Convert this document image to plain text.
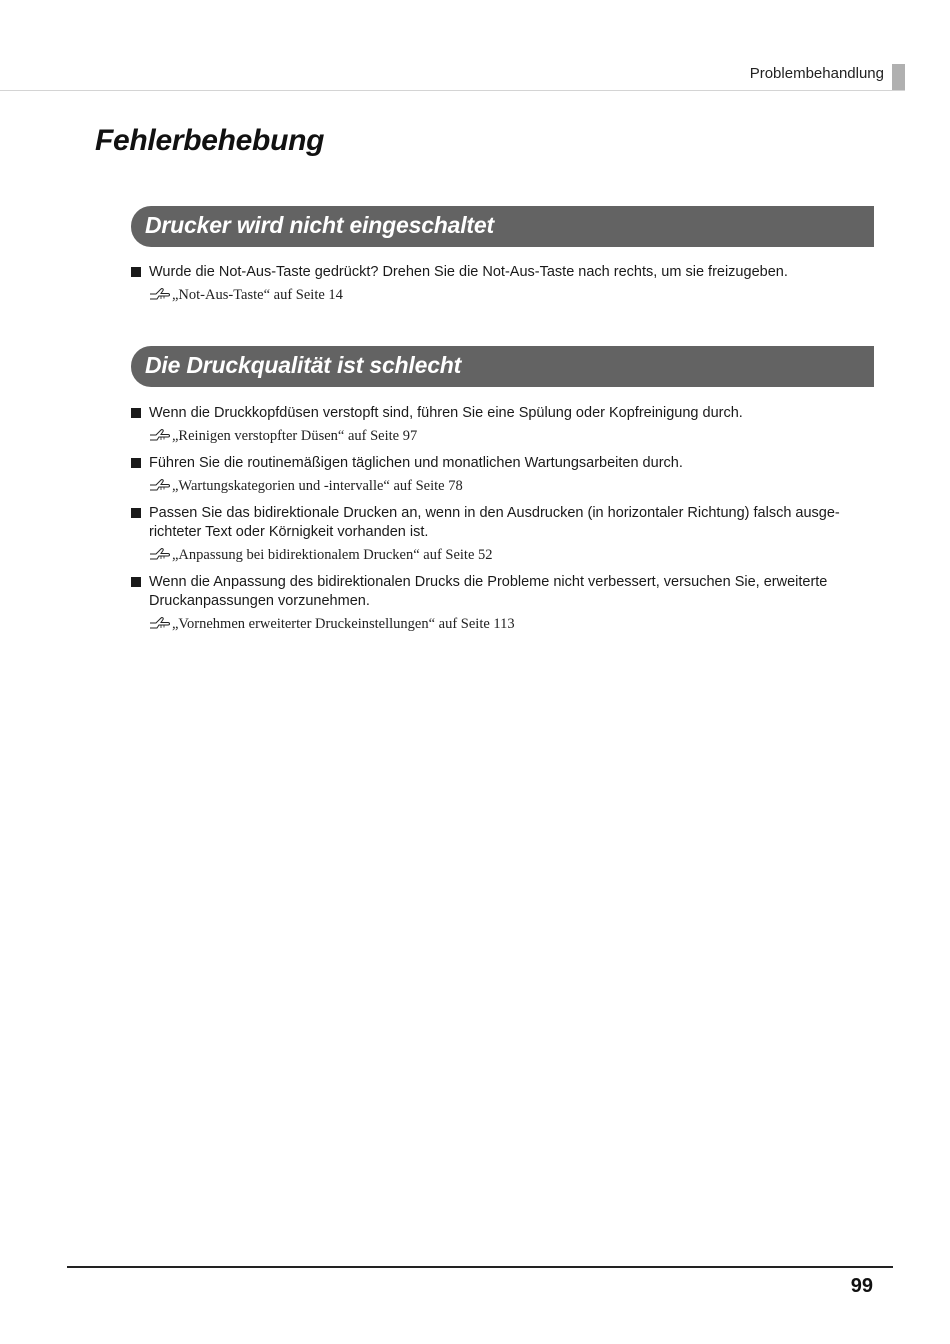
Problembehandlung
Fehlerbehebung
Drucker wird nicht eingeschaltet
Wurde die Not-Aus-Taste gedrückt? Drehen Sie die Not-Aus-Taste nach rechts, um sie freizugeben.
„Not-Aus-Taste“ auf Seite 14
Die Druckqualität ist schlecht
Wenn die Druckkopfdüsen verstopft sind, führen Sie eine Spülung oder Kopfreinigung durch.
„Reinigen verstopfter Düsen“ auf Seite 97
Führen Sie die routinemäßigen täglichen und monatlichen Wartungsarbeiten durch.
„Wartungskategorien und -intervalle“ auf Seite 78
Passen Sie das bidirektionale Drucken an, wenn in den Ausdrucken (in horizontaler Richtung) falsch ausge-richteter Text oder Körnigkeit vorhanden ist.
„Anpassung bei bidirektionalem Drucken“ auf Seite 52
Wenn die Anpassung des bidirektionalen Drucks die Probleme nicht verbessert, versuchen Sie, erweiterte Druckanpassungen vorzunehmen.
„Vornehmen erweiterter Druckeinstellungen“ auf Seite 113
99
